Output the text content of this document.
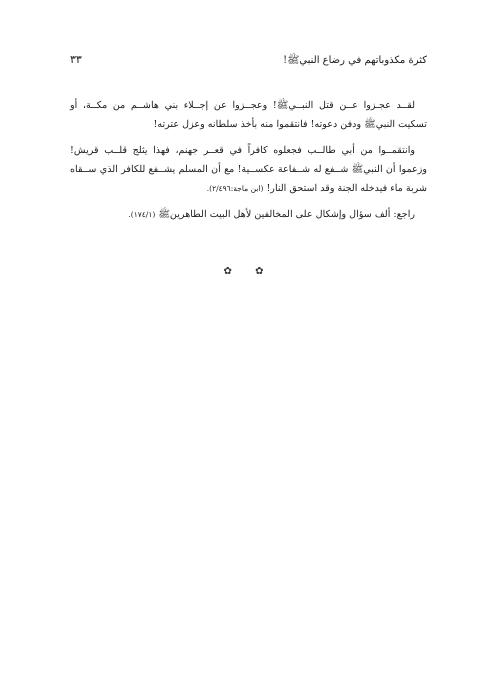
كثرة مكذوباتهم في رضاع النبيﷺ!
٣٣

لقــد عجـزوا عــن قتل النبــيﷺ! وعجــزوا عن إجــلاء بني هاشــم من مكــة، أو تسكيت النبيﷺ ودفن دعوته! فانتقموا منه بأخذ سلطانه وعزل عترته!

وانتقمــوا من أبي طالــب فجعلوه كافراً في قعــر جهنم، فهذا يثلج قلــب قريش! وزعموا أن النبيﷺ شــفع له شــفاعة عكســية! مع أن المسلم يشــفع للكافر الذي ســقاه شربة ماء فيدخله الجنة وقد استحق النار! (ابن ماجة:٢/٤٩٦).

راجع: ألف سؤال وإشكال على المخالفين لأهل البيت الطاهرينﷺ (١٧٤/١).

✿ ✿
